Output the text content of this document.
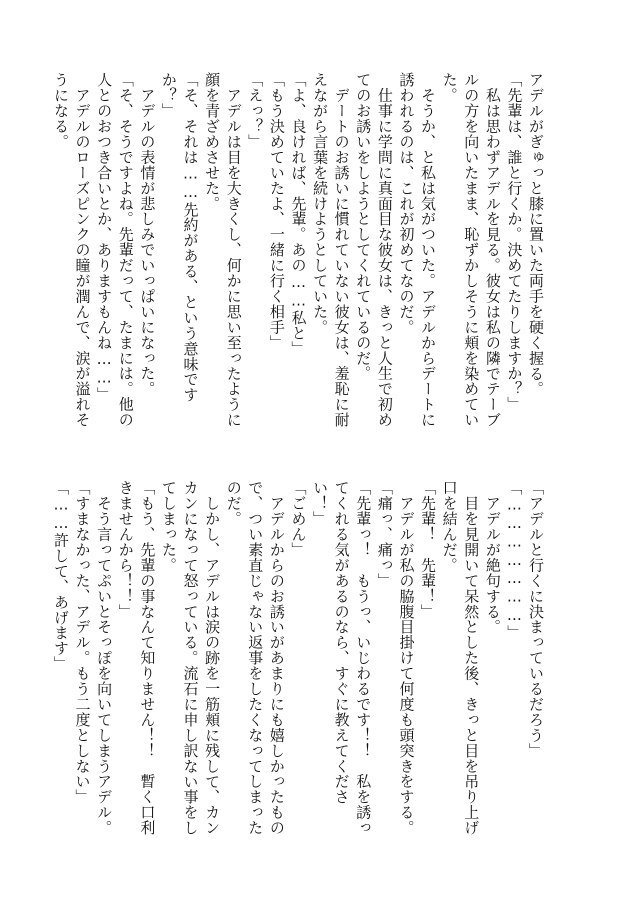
アデルがぎゅっと膝に置いた両手を硬く握る。
「先輩は、誰と行くか。決めてたりしますか？」
　私は思わずアデルを見る。彼女は私の隣でテーブ
ルの方を向いたまま、恥ずかしそうに頬を染めてい
た。
　そうか、と私は気がついた。アデルからデートに
誘われるのは、これが初めてなのだ。
　仕事に学問に真面目な彼女は、きっと人生で初め
てのお誘いをしようとしてくれているのだ。
　デートのお誘いに慣れていない彼女は、羞恥に耐
えながら言葉を続けようとしていた。
「よ、良ければ、先輩。あの……私と」
「もう決めていたよ、一緒に行く相手」
「えっ？」
　アデルは目を大きくし、何かに思い至ったように
顔を青ざめさせた。
「そ、それは……先約がある、という意味です
か？」
　アデルの表情が悲しみでいっぱいになった。
「そ、そうですよね。先輩だって、たまには。他の
人とのおつき合いとか、ありますもんね……」
　アデルのローズピンクの瞳が潤んで、涙が溢れそ
うになる。
「アデルと行くに決まっているだろう」
「…………………」
　アデルが絶句する。
　目を見開いて呆然とした後、きっと目を吊り上げ
口を結んだ。
「先輩！　先輩！」
　アデルが私の脇腹目掛けて何度も頭突きをする。
「痛っ、痛っ」
「先輩っ！　もうっ、いじわるです！！　私を誘っ
てくれる気があるのなら、すぐに教えてくださ
い！」
「ごめん」
　アデルからのお誘いがあまりにも嬉しかったもの
で、つい素直じゃない返事をしたくなってしまった
のだ。
　しかし、アデルは涙の跡を一筋頬に残して、カン
カンになって怒っている。流石に申し訳ない事をし
てしまった。
「もう、先輩の事なんて知りません！！　暫く口利
きませんから！！」
　そう言ってぷいとそっぽを向いてしまうアデル。
「すまなかった、アデル。もう二度としない」
「……許して、あげます」
